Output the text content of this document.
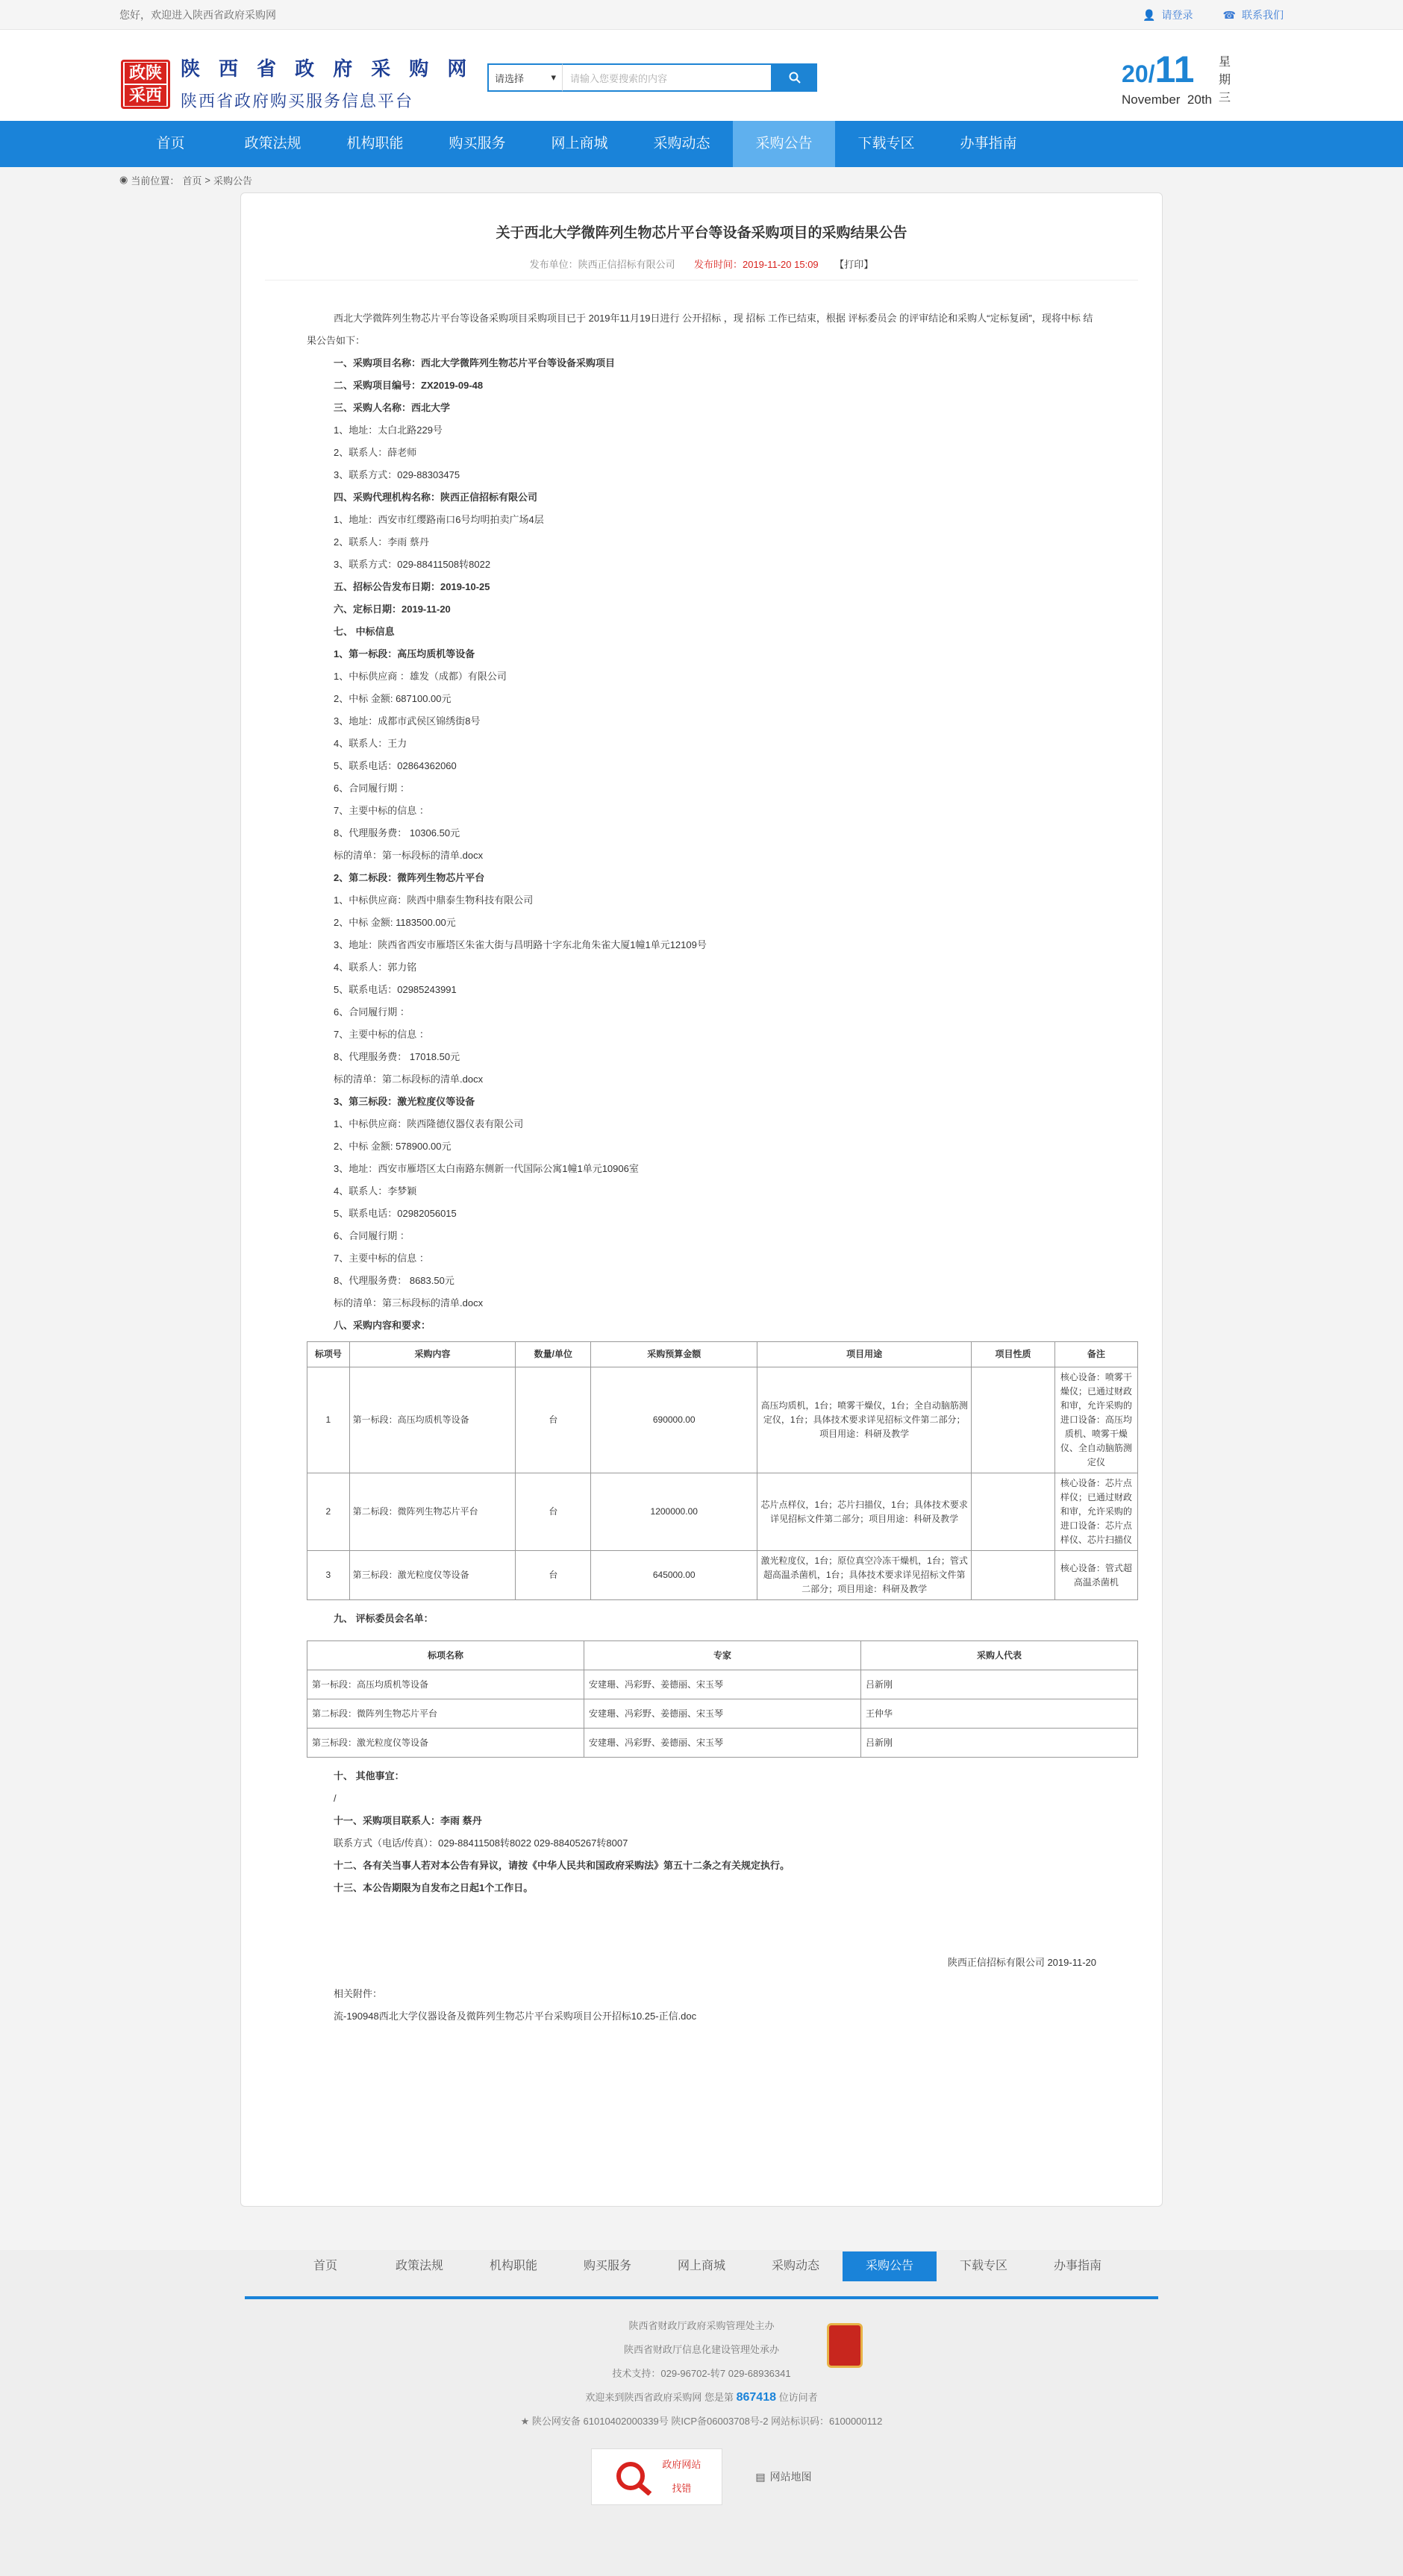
您好，欢迎进入陕西省政府采购网	👤 请登录	☎ 联系我们
政陕
采西
陕 西 省 政 府 采 购 网
陕西省政府购买服务信息平台
请选择	▾	请输入您要搜索的内容	20/11
November 20th
星期三
首页	政策法规	机构职能	购买服务	网上商城	采购动态	采购公告	下载专区	办事指南
◉ 当前位置： 首页 > 采购公告
关于西北大学微阵列生物芯片平台等设备采购项目的采购结果公告
发布单位：陕西正信招标有限公司 发布时间：2019-11-20 15:09 【打印】

西北大学微阵列生物芯片平台等设备采购项目采购项目已于 2019年11月19日进行 公开招标 ，现 招标 工作已结束，根据 评标委员会 的评审结论和采购人“定标复函”，现将中标 结果公告如下：

一、采购项目名称：西北大学微阵列生物芯片平台等设备采购项目

二、采购项目编号：ZX2019-09-48

三、采购人名称：西北大学

1、地址：太白北路229号

2、联系人：薛老师

3、联系方式：029-88303475

四、采购代理机构名称：陕西正信招标有限公司

1、地址：西安市红缨路南口6号均明拍卖广场4层

2、联系人：李雨 蔡丹

3、联系方式：029-88411508转8022

五、招标公告发布日期：2019-10-25

六、定标日期：2019-11-20

七、 中标信息

1、第一标段：高压均质机等设备

1、中标供应商 ：雄发（成都）有限公司

2、中标 金额: 687100.00元

3、地址：成都市武侯区锦绣街8号

4、联系人：王力

5、联系电话：02864362060

6、合同履行期 ：

7、主要中标的信息 ：

8、代理服务费： 10306.50元

标的清单：第一标段标的清单.docx

2、第二标段：微阵列生物芯片平台

1、中标供应商：陕西中鼎泰生物科技有限公司

2、中标 金额: 1183500.00元

3、地址：陕西省西安市雁塔区朱雀大街与昌明路十字东北角朱雀大厦1幢1单元12109号

4、联系人：郭力铭

5、联系电话：02985243991

6、合同履行期 ：

7、主要中标的信息 ：

8、代理服务费： 17018.50元

标的清单：第二标段标的清单.docx

3、第三标段：激光粒度仪等设备

1、中标供应商：陕西隆德仪器仪表有限公司

2、中标 金额: 578900.00元

3、地址：西安市雁塔区太白南路东侧新一代国际公寓1幢1单元10906室

4、联系人：李梦颖

5、联系电话：02982056015

6、合同履行期 ：

7、主要中标的信息 ：

8、代理服务费： 8683.50元

标的清单：第三标段标的清单.docx

八、采购内容和要求：

标项号	采购内容	数量/单位	采购预算金额	项目用途	项目性质	备注
1	第一标段：高压均质机等设备	台	690000.00	高压均质机，1台；喷雾干燥仪，1台；全自动脑筋测定仪，1台；具体技术要求详见招标文件第二部分；项目用途：科研及教学		核心设备：喷雾干燥仪；已通过财政和审，允许采购的进口设备：高压均质机、喷雾干燥仪、全自动脑筋测定仪
2	第二标段：微阵列生物芯片平台	台	1200000.00	芯片点样仪，1台；芯片扫描仪，1台；具体技术要求详见招标文件第二部分；项目用途：科研及教学		核心设备：芯片点样仪；已通过财政和审，允许采购的进口设备：芯片点样仪、芯片扫描仪
3	第三标段：激光粒度仪等设备	台	645000.00	激光粒度仪，1台；原位真空冷冻干燥机，1台；管式超高温杀菌机，1台；具体技术要求详见招标文件第二部分；项目用途：科研及教学		核心设备：管式超高温杀菌机

九、 评标委员会名单：

标项名称	专家	采购人代表
第一标段：高压均质机等设备	安建珊、冯彩野、姜德丽、宋玉琴	吕新刚
第二标段：微阵列生物芯片平台	安建珊、冯彩野、姜德丽、宋玉琴	王仲华
第三标段：激光粒度仪等设备	安建珊、冯彩野、姜德丽、宋玉琴	吕新刚

十、 其他事宜：

/

十一、采购项目联系人：李雨 蔡丹

联系方式（电话/传真）：029-88411508转8022 029-88405267转8007

十二、各有关当事人若对本公告有异议，请按《中华人民共和国政府采购法》第五十二条之有关规定执行。

十三、本公告期限为自发布之日起1个工作日。

陕西正信招标有限公司 2019-11-20

相关附件：

流-190948西北大学仪器设备及微阵列生物芯片平台采购项目公开招标10.25-正信.doc

首页	政策法规	机构职能	购买服务	网上商城	采购动态	采购公告	下载专区	办事指南
陕西省财政厅政府采购管理处主办
陕西省财政厅信息化建设管理处承办
技术支持：029-96702-转7 029-68936341
欢迎来到陕西省政府采购网 您是第 867418 位访问者
★ 陕公网安备 61010402000339号 陕ICP备06003708号-2 网站标识码：6100000112
政府网站
找错
▤ 网站地图
